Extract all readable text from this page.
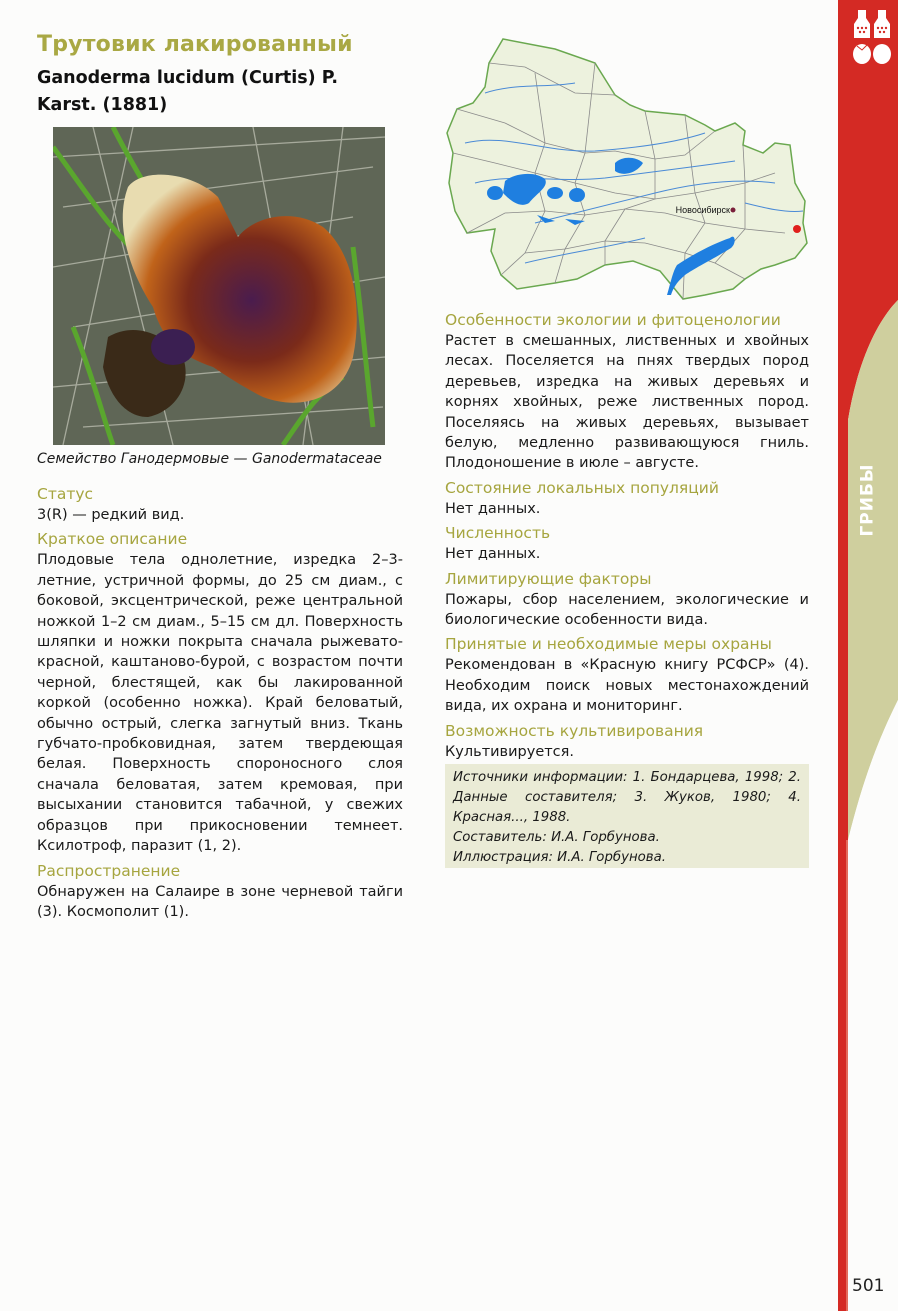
ГРИБЫ
501
Трутовик лакированный
Ganoderma lucidum (Curtis) P.
Karst. (1881)
Семейство Ганодермовые — Ganodermataceae
Статус
3(R) — редкий вид.
Краткое описание
Плодовые тела однолетние, изредка 2–3-летние, устричной формы, до 25 см диам., с боковой, эксцентрической, реже центральной ножкой 1–2 см диам., 5–15 см дл. Поверхность шляпки и ножки покрыта сначала рыжевато-красной, каштаново-бурой, с возрастом почти черной, блестящей, как бы лакированной коркой (особенно ножка). Край беловатый, обычно острый, слегка загнутый вниз. Ткань губчато-пробковидная, затем твердеющая белая. Поверхность спороносного слоя сначала беловатая, затем кремовая, при высыхании становится табачной, у свежих образцов при прикосновении темнеет. Ксилотроф, паразит (1, 2).
Распространение
Обнаружен на Салаире в зоне черневой тайги (3). Космополит (1).
Новосибирск
Особенности экологии и фитоценологии
Растет в смешанных, лиственных и хвойных лесах. Поселяется на пнях твердых пород деревьев, изредка на живых деревьях и корнях хвойных, реже лиственных пород. Поселяясь на живых деревьях, вызывает белую, медленно развивающуюся гниль. Плодоношение в июле – августе.
Состояние локальных популяций
Нет данных.
Численность
Нет данных.
Лимитирующие факторы
Пожары, сбор населением, экологические и биологические особенности вида.
Принятые и необходимые меры охраны
Рекомендован в «Красную книгу РСФСР» (4). Необходим поиск новых местонахождений вида, их охрана и мониторинг.
Возможность культивирования
Культивируется.
Источники информации: 1. Бондарцева, 1998; 2. Данные составителя; 3. Жуков, 1980; 4. Красная..., 1988.
Составитель: И.А. Горбунова.
Иллюстрация: И.А. Горбунова.
